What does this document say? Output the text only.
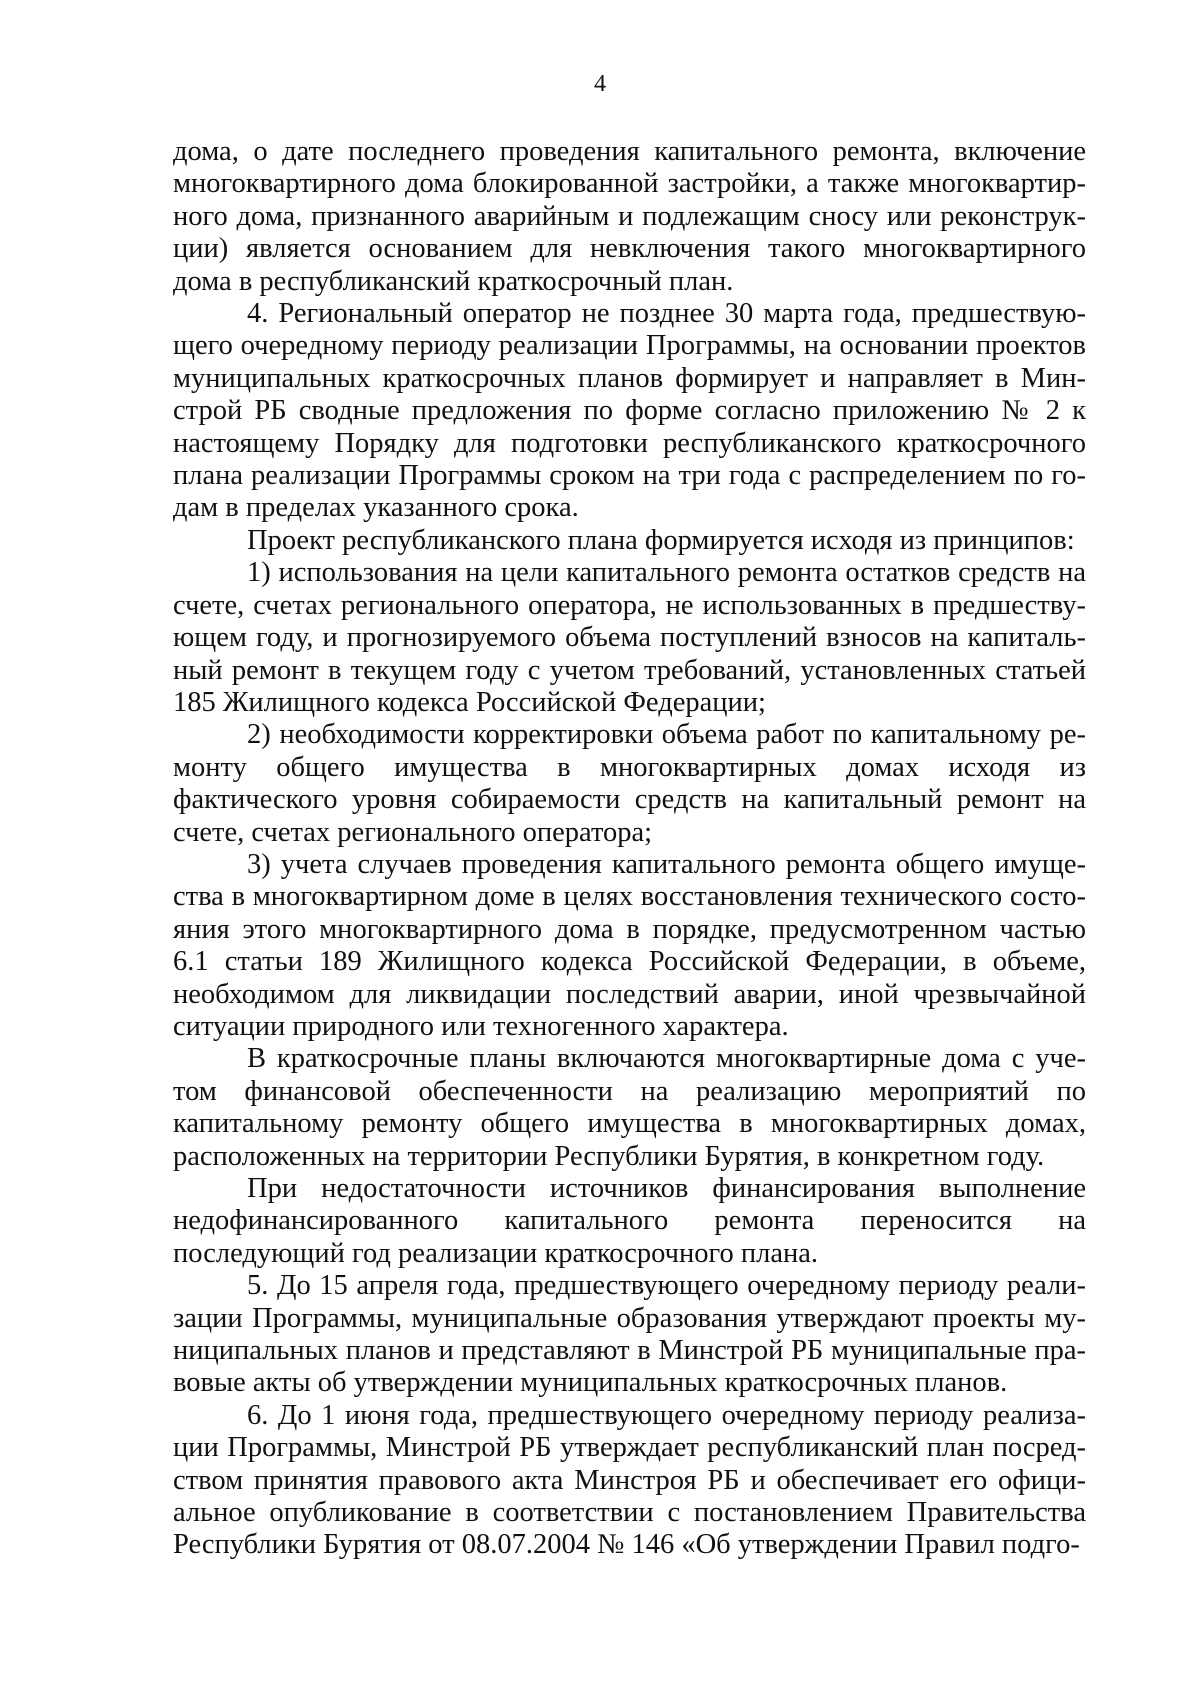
4

дома, о дате последнего проведения капитального ремонта, включение многоквартирного дома блокированной застройки, а также многоквартирного дома, признанного аварийным и подлежащим сносу или реконструкции) является основанием для невключения такого многоквартирного дома в республиканский краткосрочный план.

4. Региональный оператор не позднее 30 марта года, предшествующего очередному периоду реализации Программы, на основании проектов муниципальных краткосрочных планов формирует и направляет в Минстрой РБ сводные предложения по форме согласно приложению № 2 к настоящему Порядку для подготовки республиканского краткосрочного плана реализации Программы сроком на три года с распределением по годам в пределах указанного срока.

Проект республиканского плана формируется исходя из принципов:

1) использования на цели капитального ремонта остатков средств на счете, счетах регионального оператора, не использованных в предшествующем году, и прогнозируемого объема поступлений взносов на капитальный ремонт в текущем году с учетом требований, установленных статьей 185 Жилищного кодекса Российской Федерации;

2) необходимости корректировки объема работ по капитальному ремонту общего имущества в многоквартирных домах исходя из фактического уровня собираемости средств на капитальный ремонт на счете, счетах регионального оператора;

3) учета случаев проведения капитального ремонта общего имущества в многоквартирном доме в целях восстановления технического состояния этого многоквартирного дома в порядке, предусмотренном частью 6.1 статьи 189 Жилищного кодекса Российской Федерации, в объеме, необходимом для ликвидации последствий аварии, иной чрезвычайной ситуации природного или техногенного характера.

В краткосрочные планы включаются многоквартирные дома с учетом финансовой обеспеченности на реализацию мероприятий по капитальному ремонту общего имущества в многоквартирных домах, расположенных на территории Республики Бурятия, в конкретном году.

При недостаточности источников финансирования выполнение недофинансированного капитального ремонта переносится на последующий год реализации краткосрочного плана.

5. До 15 апреля года, предшествующего очередному периоду реализации Программы, муниципальные образования утверждают проекты муниципальных планов и представляют в Минстрой РБ муниципальные правовые акты об утверждении муниципальных краткосрочных планов.

6. До 1 июня года, предшествующего очередному периоду реализации Программы, Минстрой РБ утверждает республиканский план посредством принятия правового акта Минстроя РБ и обеспечивает его официальное опубликование в соответствии с постановлением Правительства Республики Бурятия от 08.07.2004 № 146 «Об утверждении Правил подго-
